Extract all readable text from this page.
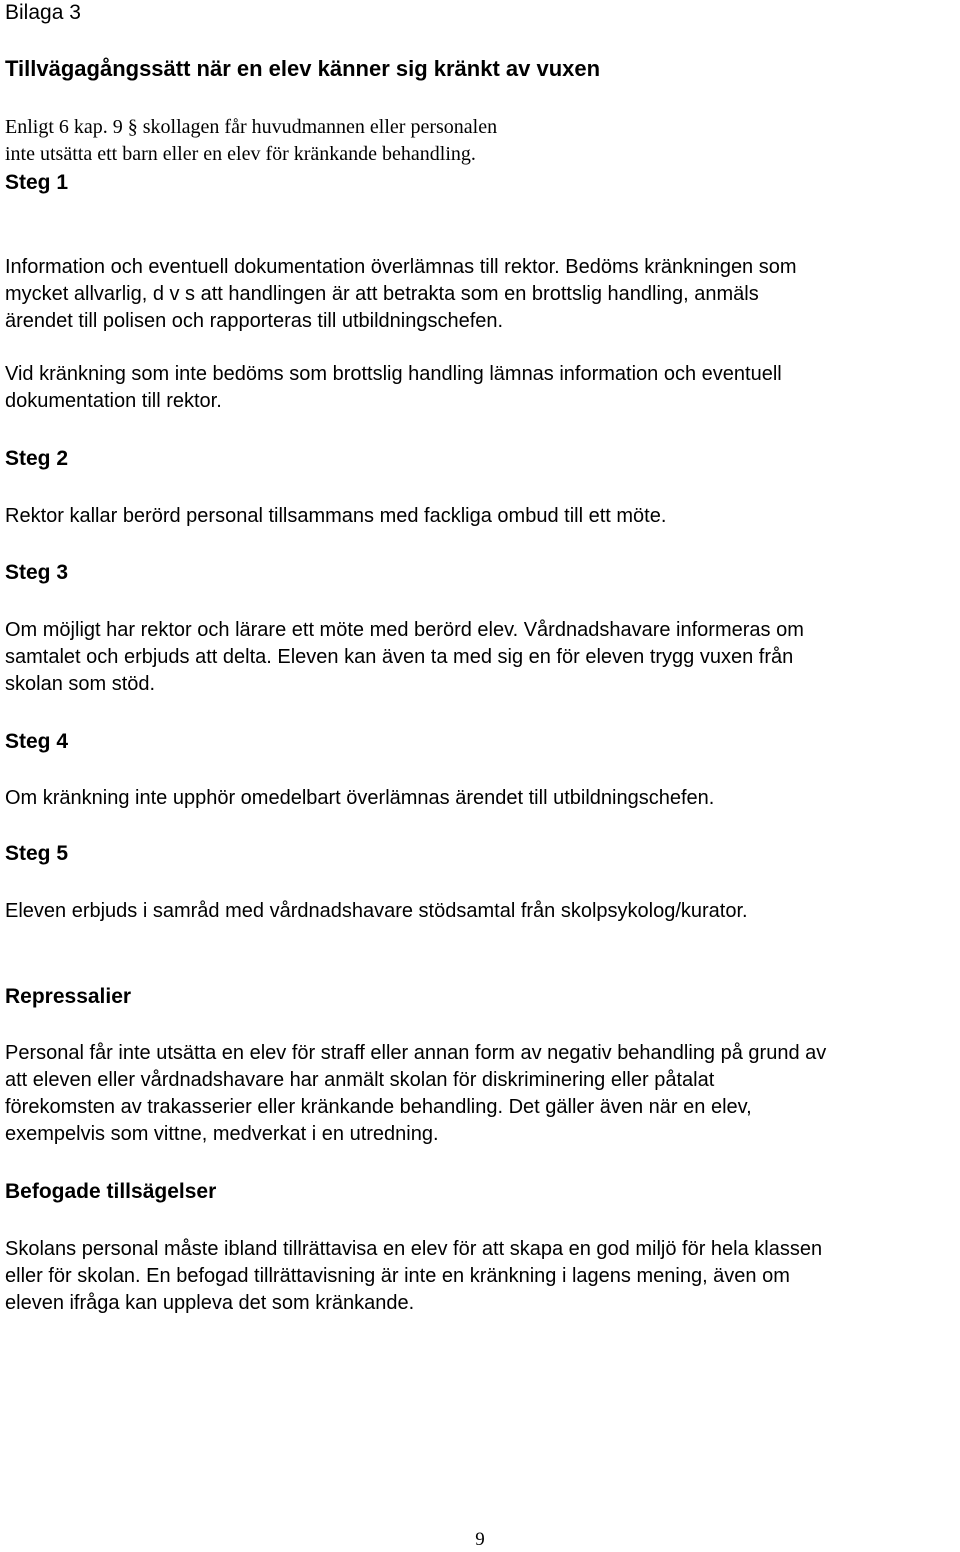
Bilaga 3
Tillvägagångssätt när en elev känner sig kränkt av vuxen

Enligt 6 kap. 9 § skollagen får huvudmannen eller personalen
inte utsätta ett barn eller en elev för kränkande behandling.

Steg 1

Information och eventuell dokumentation överlämnas till rektor. Bedöms kränkningen som
mycket allvarlig, d v s att handlingen är att betrakta som en brottslig handling, anmäls
ärendet till polisen och rapporteras till utbildningschefen.

Vid kränkning som inte bedöms som brottslig handling lämnas information och eventuell
dokumentation till rektor.

Steg 2

Rektor kallar berörd personal tillsammans med fackliga ombud till ett möte.

Steg 3

Om möjligt har rektor och lärare ett möte med berörd elev. Vårdnadshavare informeras om
samtalet och erbjuds att delta. Eleven kan även ta med sig en för eleven trygg vuxen från
skolan som stöd.

Steg 4

Om kränkning inte upphör omedelbart överlämnas ärendet till utbildningschefen.

Steg 5

Eleven erbjuds i samråd med vårdnadshavare stödsamtal från skolpsykolog/kurator.

Repressalier

Personal får inte utsätta en elev för straff eller annan form av negativ behandling på grund av
att eleven eller vårdnadshavare har anmält skolan för diskriminering eller påtalat
förekomsten av trakasserier eller kränkande behandling. Det gäller även när en elev,
exempelvis som vittne, medverkat i en utredning.

Befogade tillsägelser

Skolans personal måste ibland tillrättavisa en elev för att skapa en god miljö för hela klassen
eller för skolan. En befogad tillrättavisning är inte en kränkning i lagens mening, även om
eleven ifråga kan uppleva det som kränkande.

9
